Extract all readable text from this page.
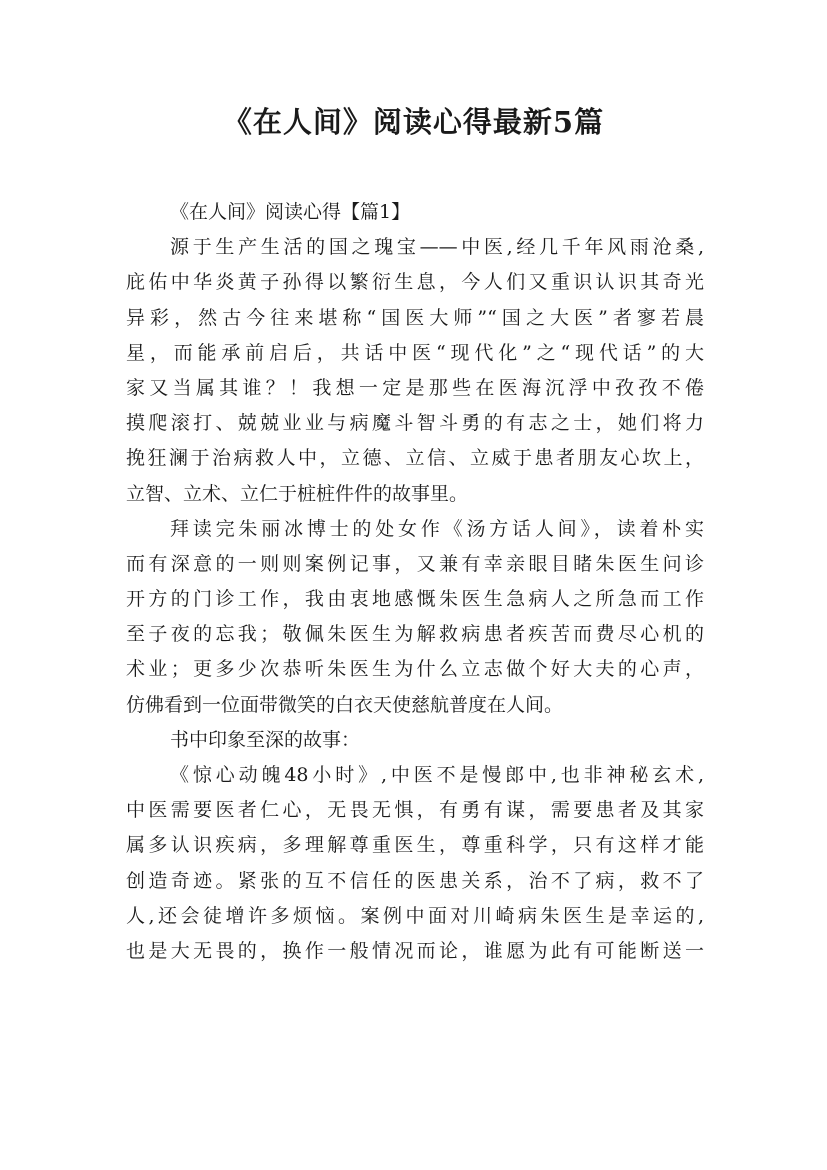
《在人间》阅读心得最新5篇
《在人间》阅读心得【篇1】
源于生产生活的国之瑰宝——中医,经几千年风雨沧桑,
庇佑中华炎黄子孙得以繁衍生息，今人们又重识认识其奇光
异彩，然古今往来堪称“国医大师”“国之大医”者寥若晨
星，而能承前启后，共话中医“现代化”之“现代话”的大
家又当属其谁？！我想一定是那些在医海沉浮中孜孜不倦
摸爬滚打、兢兢业业与病魔斗智斗勇的有志之士，她们将力
挽狂澜于治病救人中，立德、立信、立威于患者朋友心坎上，
立智、立术、立仁于桩桩件件的故事里。
拜读完朱丽冰博士的处女作《汤方话人间》，读着朴实
而有深意的一则则案例记事，又兼有幸亲眼目睹朱医生问诊
开方的门诊工作，我由衷地感慨朱医生急病人之所急而工作
至子夜的忘我；敬佩朱医生为解救病患者疾苦而费尽心机的
术业；更多少次恭听朱医生为什么立志做个好大夫的心声，
仿佛看到一位面带微笑的白衣天使慈航普度在人间。
书中印象至深的故事：
《惊心动魄48小时》,中医不是慢郎中,也非神秘玄术,
中医需要医者仁心，无畏无惧，有勇有谋，需要患者及其家
属多认识疾病，多理解尊重医生，尊重科学，只有这样才能
创造奇迹。紧张的互不信任的医患关系，治不了病，救不了
人,还会徒增许多烦恼。案例中面对川崎病朱医生是幸运的,
也是大无畏的，换作一般情况而论，谁愿为此有可能断送一
